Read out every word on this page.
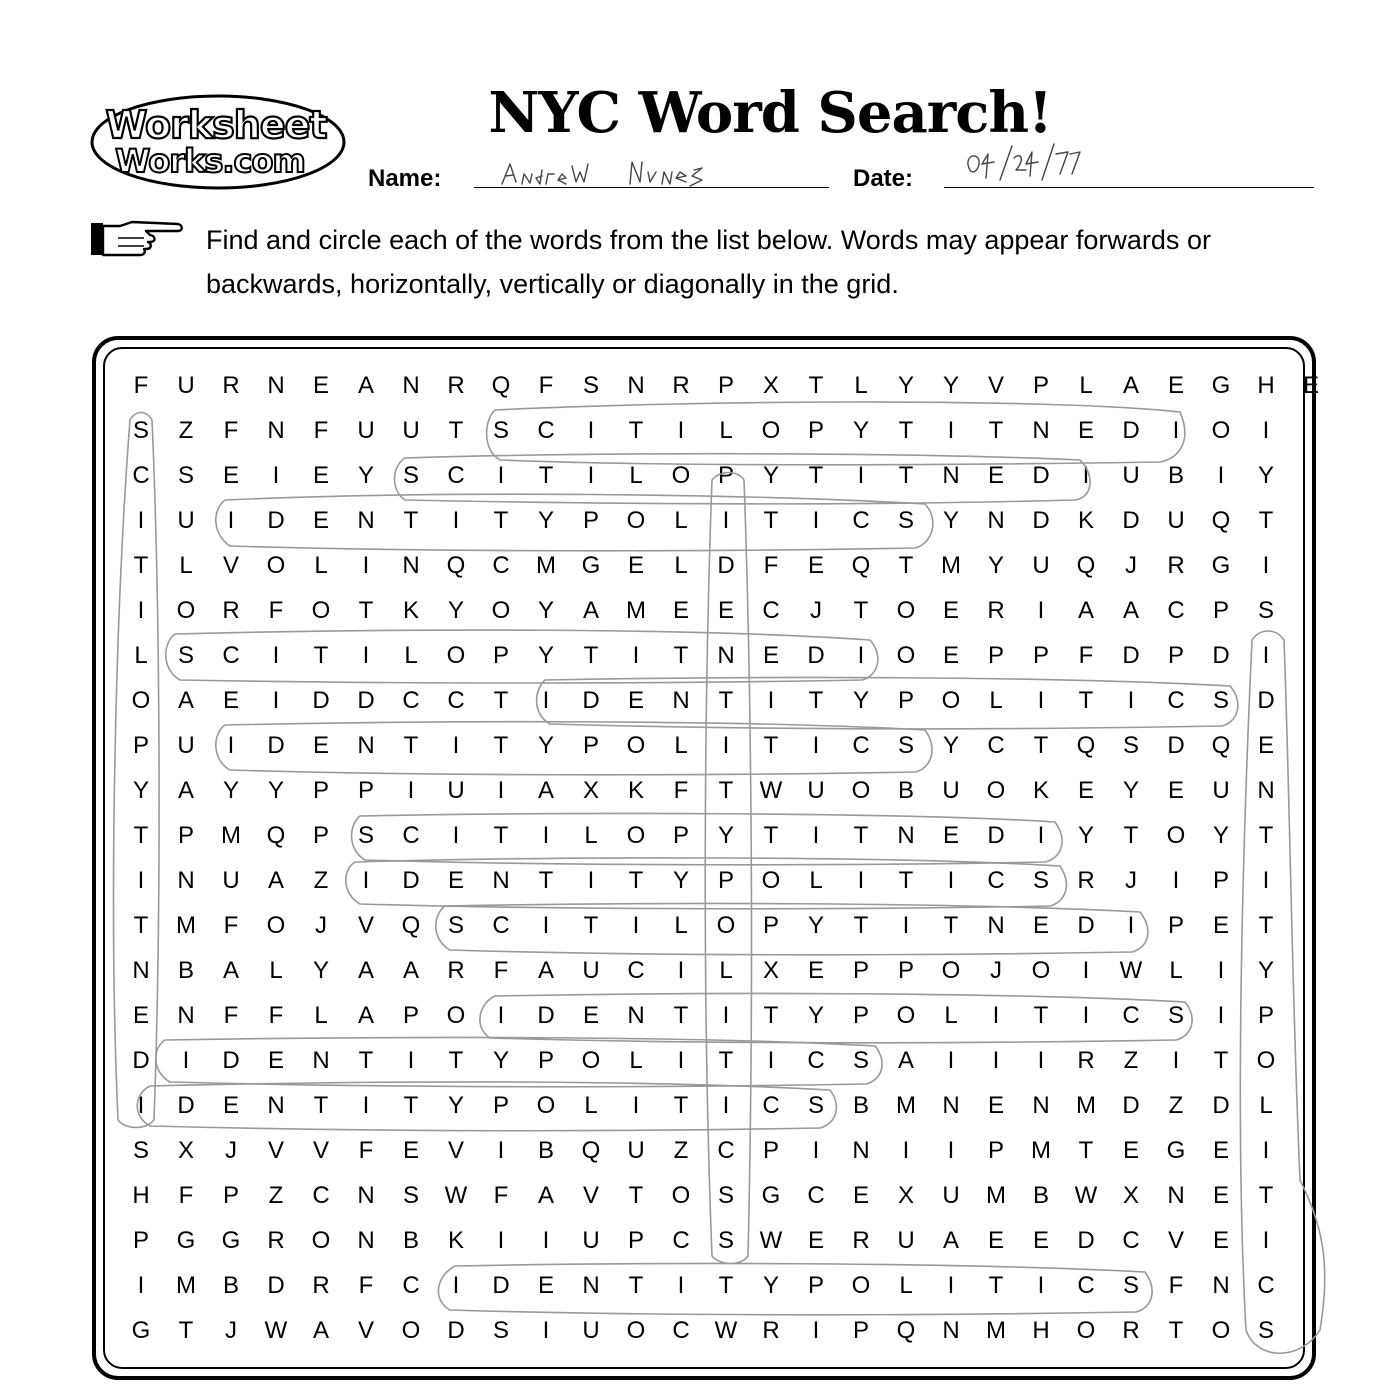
Worksheet
Works.com
NYC Word Search!
Name:	Date:
Find and circle each of the words from the list below. Words may appear forwards or backwards, horizontally, vertically or diagonally in the grid.
F	U	R	N	E	A	N	R	Q	F	S	N	R	P	X	T	L	Y	Y	V	P	L	A	E	G	H	E
S	Z	F	N	F	U	U	T	S	C	I	T	I	L	O	P	Y	T	I	T	N	E	D	I	O	I
C	S	E	I	E	Y	S	C	I	T	I	L	O	P	Y	T	I	T	N	E	D	I	U	B	I	Y
I	U	I	D	E	N	T	I	T	Y	P	O	L	I	T	I	C	S	Y	N	D	K	D	U	Q	T
T	L	V	O	L	I	N	Q	C	M	G	E	L	D	F	E	Q	T	M	Y	U	Q	J	R	G	I
I	O	R	F	O	T	K	Y	O	Y	A	M	E	E	C	J	T	O	E	R	I	A	A	C	P	S
L	S	C	I	T	I	L	O	P	Y	T	I	T	N	E	D	I	O	E	P	P	F	D	P	D	I
O	A	E	I	D	D	C	C	T	I	D	E	N	T	I	T	Y	P	O	L	I	T	I	C	S	D
P	U	I	D	E	N	T	I	T	Y	P	O	L	I	T	I	C	S	Y	C	T	Q	S	D	Q	E
Y	A	Y	Y	P	P	I	U	I	A	X	K	F	T	W	U	O	B	U	O	K	E	Y	E	U	N
T	P	M	Q	P	S	C	I	T	I	L	O	P	Y	T	I	T	N	E	D	I	Y	T	O	Y	T
I	N	U	A	Z	I	D	E	N	T	I	T	Y	P	O	L	I	T	I	C	S	R	J	I	P	I
T	M	F	O	J	V	Q	S	C	I	T	I	L	O	P	Y	T	I	T	N	E	D	I	P	E	T
N	B	A	L	Y	A	A	R	F	A	U	C	I	L	X	E	P	P	O	J	O	I	W	L	I	Y
E	N	F	F	L	A	P	O	I	D	E	N	T	I	T	Y	P	O	L	I	T	I	C	S	I	P
D	I	D	E	N	T	I	T	Y	P	O	L	I	T	I	C	S	A	I	I	I	R	Z	I	T	O
I	D	E	N	T	I	T	Y	P	O	L	I	T	I	C	S	B	M	N	E	N	M	D	Z	D	L
S	X	J	V	V	F	E	V	I	B	Q	U	Z	C	P	I	N	I	I	P	M	T	E	G	E	I
H	F	P	Z	C	N	S	W	F	A	V	T	O	S	G	C	E	X	U	M	B	W	X	N	E	T
P	G	G	R	O	N	B	K	I	I	U	P	C	S	W	E	R	U	A	E	E	D	C	V	E	I
I	M	B	D	R	F	C	I	D	E	N	T	I	T	Y	P	O	L	I	T	I	C	S	F	N	C
G	T	J	W	A	V	O	D	S	I	U	O	C	W	R	I	P	Q	N	M	H	O	R	T	O	S
